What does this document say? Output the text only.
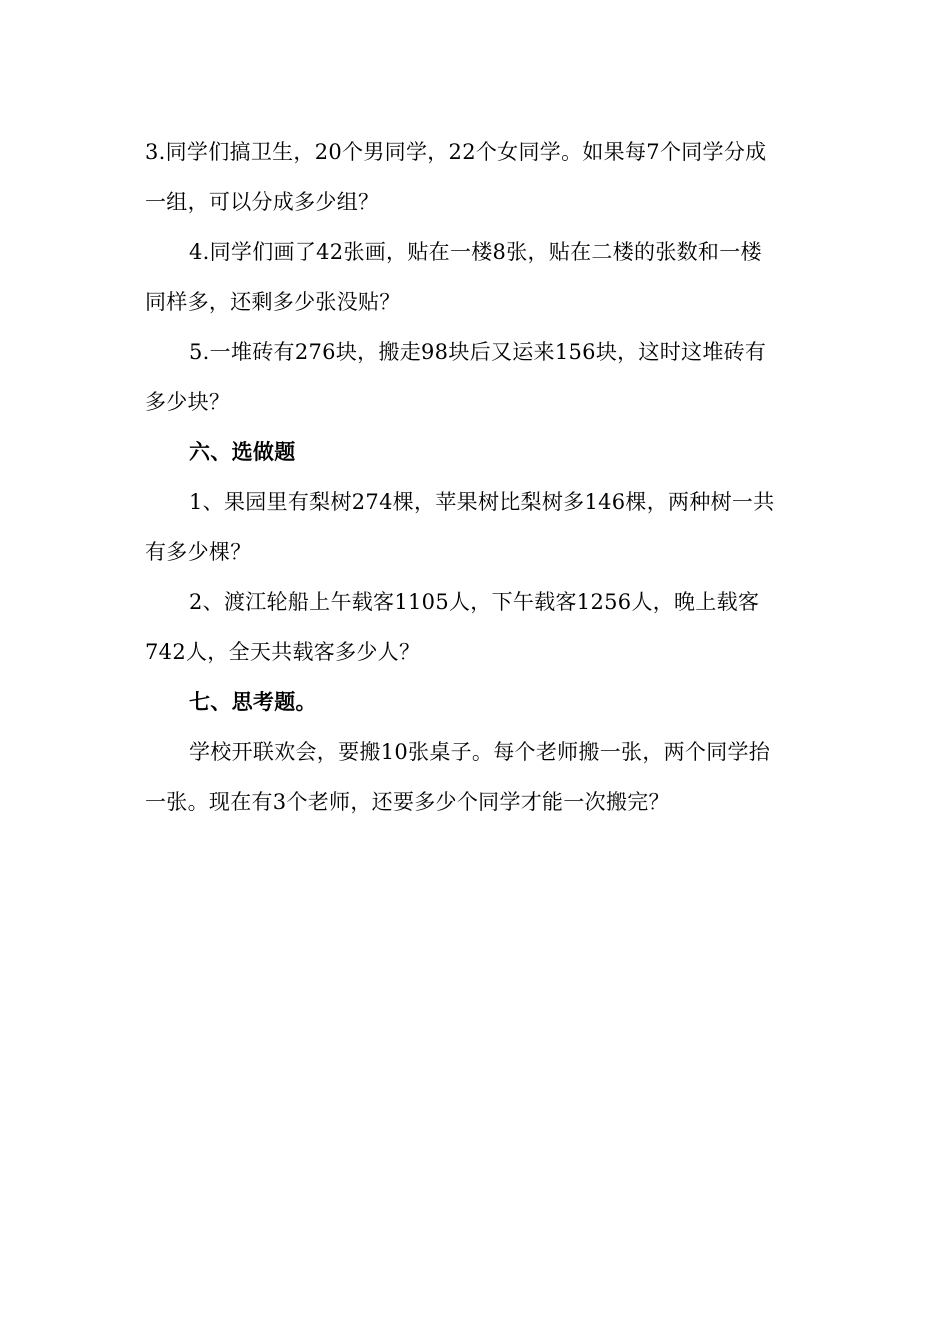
3.同学们搞卫生，20个男同学，22个女同学。如果每7个同学分成
一组，可以分成多少组？
4.同学们画了42张画，贴在一楼8张，贴在二楼的张数和一楼
同样多，还剩多少张没贴？
5.一堆砖有276块，搬走98块后又运来156块，这时这堆砖有
多少块？
六、选做题
1、果园里有梨树274棵，苹果树比梨树多146棵，两种树一共
有多少棵？
2、渡江轮船上午载客1105人，下午载客1256人，晚上载客
742人，全天共载客多少人？
七、思考题。
学校开联欢会，要搬10张桌子。每个老师搬一张，两个同学抬
一张。现在有3个老师，还要多少个同学才能一次搬完？
